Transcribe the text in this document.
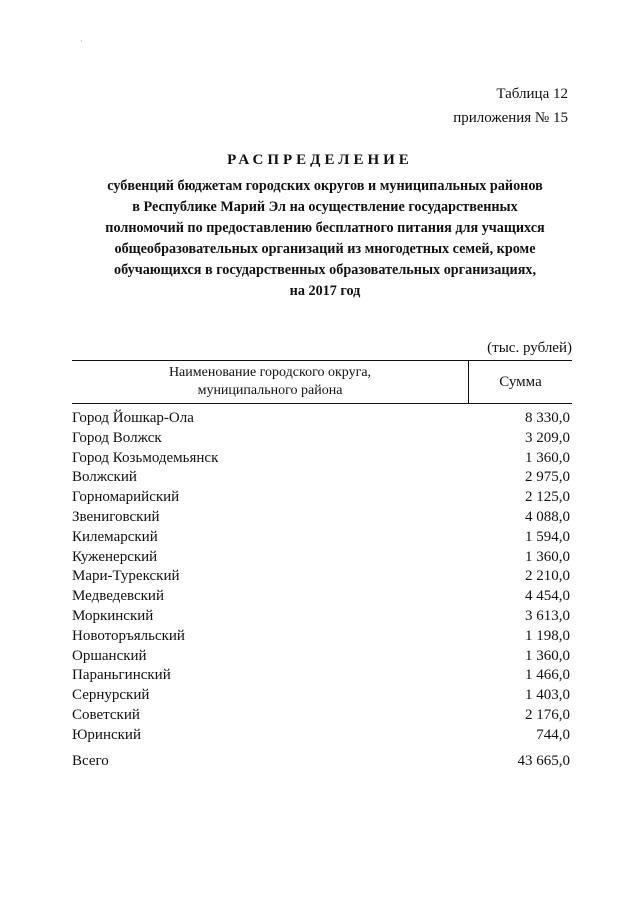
·
Таблица 12
приложения № 15
РАСПРЕДЕЛЕНИЕ
субвенций бюджетам городских округов и муниципальных районов
в Республике Марий Эл на осуществление государственных
полномочий по предоставлению бесплатного питания для учащихся
общеобразовательных организаций из многодетных семей, кроме
обучающихся в государственных образовательных организациях,
на 2017 год
(тыс. рублей)
Наименование городского округа,
муниципального района
Сумма
Город Йошкар-Ола	8 330,0
Город Волжск	3 209,0
Город Козьмодемьянск	1 360,0
Волжский	2 975,0
Горномарийский	2 125,0
Звениговский	4 088,0
Килемарский	1 594,0
Куженерский	1 360,0
Мари-Турекский	2 210,0
Медведевский	4 454,0
Моркинский	3 613,0
Новоторъяльский	1 198,0
Оршанский	1 360,0
Параньгинский	1 466,0
Сернурский	1 403,0
Советский	2 176,0
Юринский	744,0
Всего	43 665,0
